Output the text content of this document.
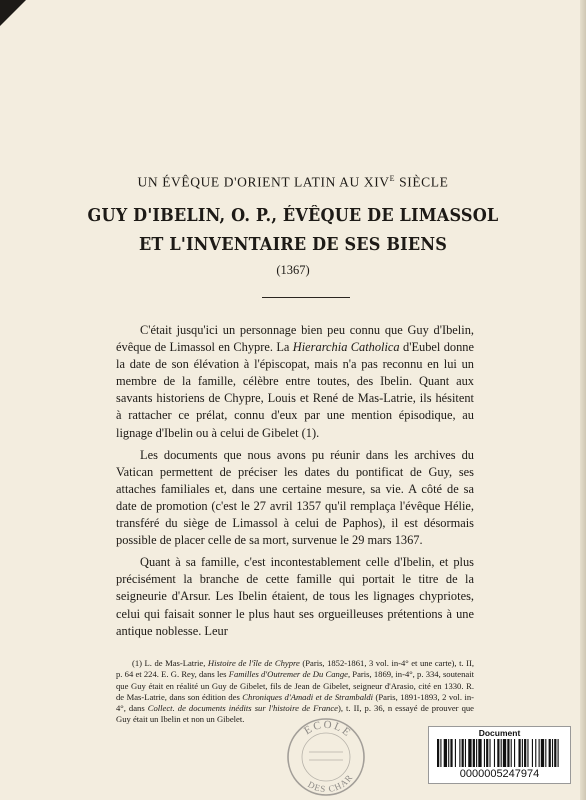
UN ÉVÊQUE D'ORIENT LATIN AU $XIV^E$ SIÈCLE
GUY D'IBELIN, O. P., ÉVÊQUE DE LIMASSOL
ET L'INVENTAIRE DE SES BIENS
(1367)

C'était jusqu'ici un personnage bien peu connu que Guy d'Ibelin, évêque de Limassol en Chypre. La Hierarchia Catholica d'Eubel donne la date de son élévation à l'épiscopat, mais n'a pas reconnu en lui un membre de la famille, célèbre entre toutes, des Ibelin. Quant aux savants historiens de Chypre, Louis et René de Mas-Latrie, ils hésitent à rattacher ce prélat, connu d'eux par une mention épisodique, au lignage d'Ibelin ou à celui de Gibelet (1).

Les documents que nous avons pu réunir dans les archives du Vatican permettent de préciser les dates du pontificat de Guy, ses attaches familiales et, dans une certaine mesure, sa vie. A côté de sa date de promotion (c'est le 27 avril 1357 qu'il remplaça l'évêque Hélie, transféré du siège de Limassol à celui de Paphos), il est désormais possible de placer celle de sa mort, survenue le 29 mars 1367.

Quant à sa famille, c'est incontestablement celle d'Ibelin, et plus précisément la branche de cette famille qui portait le titre de la seigneurie d'Arsur. Les Ibelin étaient, de tous les lignages chypriotes, celui qui faisait sonner le plus haut ses orgueilleuses prétentions à une antique noblesse. Leur

(1) L. de Mas-Latrie, Histoire de l'île de Chypre (Paris, 1852-1861, 3 vol. in-4° et une carte), t. II, p. 64 et 224. E. G. Rey, dans les Familles d'Outremer de Du Cange, Paris, 1869, in-4°, p. 334, soutenait que Guy était en réalité un Guy de Gibelet, fils de Jean de Gibelet, seigneur d'Arasio, cité en 1330. R. de Mas-Latrie, dans son édition des Chroniques d'Amadi et de Strambaldi (Paris, 1891-1893, 2 vol. in-4°, dans Collect. de documents inédits sur l'histoire de France), t. II, p. 36, n essayé de prouver que Guy était un Ibelin et non un Gibelet.

ECOLE
DES CHAR
Document
0000005247974
